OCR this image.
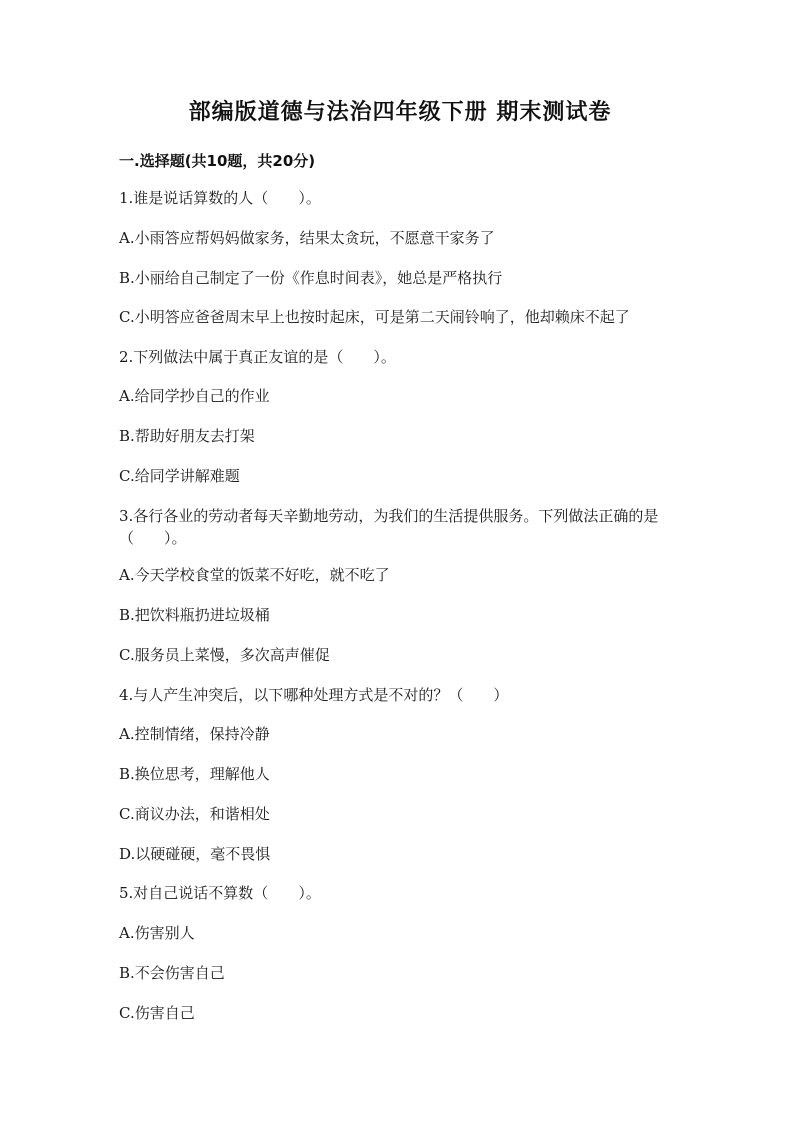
部编版道德与法治四年级下册 期末测试卷
一.选择题(共10题，共20分)
1.谁是说话算数的人（　　）。
A.小雨答应帮妈妈做家务，结果太贪玩，不愿意干家务了
B.小丽给自己制定了一份《作息时间表》，她总是严格执行
C.小明答应爸爸周末早上也按时起床，可是第二天闹铃响了，他却赖床不起了
2.下列做法中属于真正友谊的是（　　）。
A.给同学抄自己的作业
B.帮助好朋友去打架
C.给同学讲解难题
3.各行各业的劳动者每天辛勤地劳动，为我们的生活提供服务。下列做法正确的是（　　）。
A.今天学校食堂的饭菜不好吃，就不吃了
B.把饮料瓶扔进垃圾桶
C.服务员上菜慢，多次高声催促
4.与人产生冲突后，以下哪种处理方式是不对的？（　　）
A.控制情绪，保持冷静
B.换位思考，理解他人
C.商议办法，和谐相处
D.以硬碰硬，毫不畏惧
5.对自己说话不算数（　　）。
A.伤害别人
B.不会伤害自己
C.伤害自己
